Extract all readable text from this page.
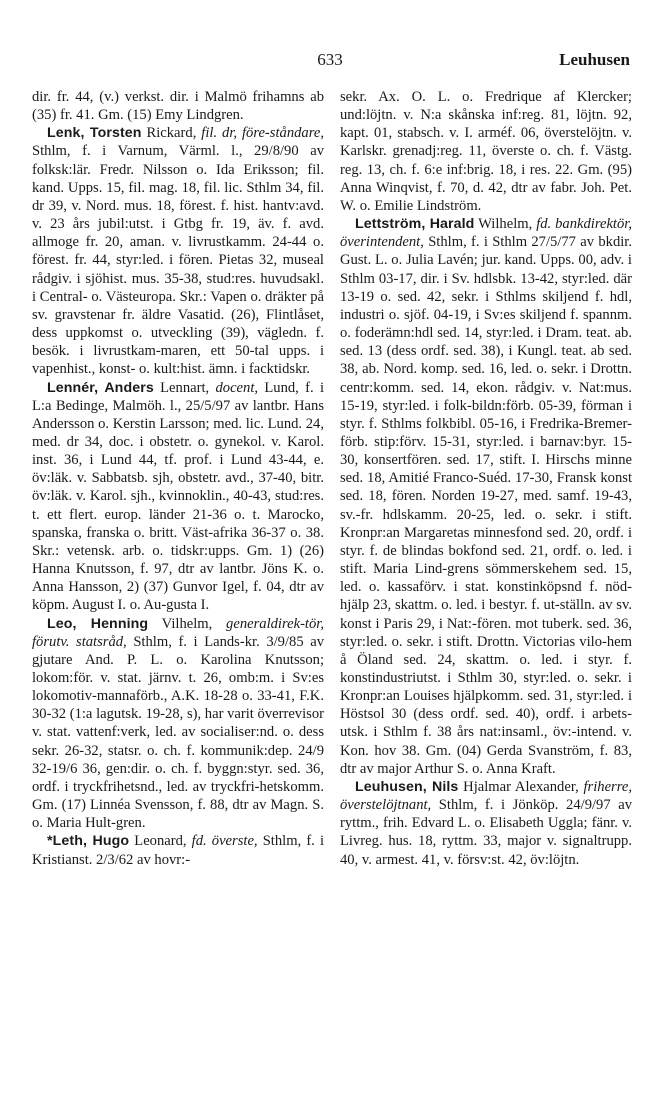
633	Leuhusen

dir. fr. 44, (v.) verkst. dir. i Malmö frihamns ab (35) fr. 41. Gm. (15) Emy Lindgren.

Lenk, Torsten Rickard, fil. dr, före-ståndare, Sthlm, f. i Varnum, Värml. l., 29/8/90 av folksk:lär. Fredr. Nilsson o. Ida Eriksson; fil. kand. Upps. 15, fil. mag. 18, fil. lic. Sthlm 34, fil. dr 39, v. Nord. mus. 18, förest. f. hist. hantv:avd. v. 23 års jubil:utst. i Gtbg fr. 19, äv. f. avd. allmoge fr. 20, aman. v. livrustkamm. 24-44 o. förest. fr. 44, styr:led. i fören. Pietas 32, museal rådgiv. i sjöhist. mus. 35-38, stud:res. huvudsakl. i Central- o. Västeuropa. Skr.: Vapen o. dräkter på sv. gravstenar fr. äldre Vasatid. (26), Flintlåset, dess uppkomst o. utveckling (39), vägledn. f. besök. i livrustkam-maren, ett 50-tal upps. i vapenhist., konst- o. kult:hist. ämn. i facktidskr.

Lennér, Anders Lennart, docent, Lund, f. i L:a Bedinge, Malmöh. l., 25/5/97 av lantbr. Hans Andersson o. Kerstin Larsson; med. lic. Lund. 24, med. dr 34, doc. i obstetr. o. gynekol. v. Karol. inst. 36, i Lund 44, tf. prof. i Lund 43-44, e. öv:läk. v. Sabbatsb. sjh, obstetr. avd., 37-40, bitr. öv:läk. v. Karol. sjh., kvinnoklin., 40-43, stud:res. t. ett flert. europ. länder 21-36 o. t. Marocko, spanska, franska o. britt. Väst-afrika 36-37 o. 38. Skr.: vetensk. arb. o. tidskr:upps. Gm. 1) (26) Hanna Knutsson, f. 97, dtr av lantbr. Jöns K. o. Anna Hansson, 2) (37) Gunvor Igel, f. 04, dtr av köpm. August I. o. Au-gusta I.

Leo, Henning Vilhelm, generaldirek-tör, förutv. statsråd, Sthlm, f. i Lands-kr. 3/9/85 av gjutare And. P. L. o. Karolina Knutsson; lokom:för. v. stat. järnv. t. 26, omb:m. i Sv:es lokomotiv-mannaförb., A.K. 18-28 o. 33-41, F.K. 30-32 (1:a lagutsk. 19-28, s), har varit överrevisor v. stat. vattenf:verk, led. av socialiser:nd. o. dess sekr. 26-32, statsr. o. ch. f. kommunik:dep. 24/9 32-19/6 36, gen:dir. o. ch. f. byggn:styr. sed. 36, ordf. i tryckfrihetsnd., led. av tryckfri-hetskomm. Gm. (17) Linnéa Svensson, f. 88, dtr av Magn. S. o. Maria Hult-gren.

*Leth, Hugo Leonard, fd. överste, Sthlm, f. i Kristianst. 2/3/62 av hovr:-

sekr. Ax. O. L. o. Fredrique af Klercker; und:löjtn. v. N:a skånska inf:reg. 81, löjtn. 92, kapt. 01, stabsch. v. I. arméf. 06, överstelöjtn. v. Karlskr. grenadj:reg. 11, överste o. ch. f. Västg. reg. 13, ch. f. 6:e inf:brig. 18, i res. 22. Gm. (95) Anna Winqvist, f. 70, d. 42, dtr av fabr. Joh. Pet. W. o. Emilie Lindström.

Lettström, Harald Wilhelm, fd. bankdirektör, överintendent, Sthlm, f. i Sthlm 27/5/77 av bkdir. Gust. L. o. Julia Lavén; jur. kand. Upps. 00, adv. i Sthlm 03-17, dir. i Sv. hdlsbk. 13-42, styr:led. där 13-19 o. sed. 42, sekr. i Sthlms skiljend f. hdl, industri o. sjöf. 04-19, i Sv:es skiljend f. spannm. o. foderämn:hdl sed. 14, styr:led. i Dram. teat. ab. sed. 13 (dess ordf. sed. 38), i Kungl. teat. ab sed. 38, ab. Nord. komp. sed. 16, led. o. sekr. i Drottn. centr:komm. sed. 14, ekon. rådgiv. v. Nat:mus. 15-19, styr:led. i folk-bildn:förb. 05-39, förman i styr. f. Sthlms folkbibl. 05-16, i Fredrika-Bremer-förb. stip:förv. 15-31, styr:led. i barnav:byr. 15-30, konsertfören. sed. 17, stift. I. Hirschs minne sed. 18, Amitié Franco-Suéd. 17-30, Fransk konst sed. 18, fören. Norden 19-27, med. samf. 19-43, sv.-fr. hdlskamm. 20-25, led. o. sekr. i stift. Kronpr:an Margaretas minnesfond sed. 20, ordf. i styr. f. de blindas bokfond sed. 21, ordf. o. led. i stift. Maria Lind-grens sömmerskehem sed. 15, led. o. kassaförv. i stat. konstinköpsnd f. nöd-hjälp 23, skattm. o. led. i bestyr. f. ut-ställn. av sv. konst i Paris 29, i Nat:-fören. mot tuberk. sed. 36, styr:led. o. sekr. i stift. Drottn. Victorias vilo-hem å Öland sed. 24, skattm. o. led. i styr. f. konstindustriutst. i Sthlm 30, styr:led. o. sekr. i Kronpr:an Louises hjälpkomm. sed. 31, styr:led. i Höstsol 30 (dess ordf. sed. 40), ordf. i arbets-utsk. i Sthlm f. 38 års nat:insaml., öv:-intend. v. Kon. hov 38. Gm. (04) Gerda Svanström, f. 83, dtr av major Arthur S. o. Anna Kraft.

Leuhusen, Nils Hjalmar Alexander, friherre, överstelöjtnant, Sthlm, f. i Jönköp. 24/9/97 av ryttm., frih. Edvard L. o. Elisabeth Uggla; fänr. v. Livreg. hus. 18, ryttm. 33, major v. signaltrupp. 40, v. armest. 41, v. försv:st. 42, öv:löjtn.
